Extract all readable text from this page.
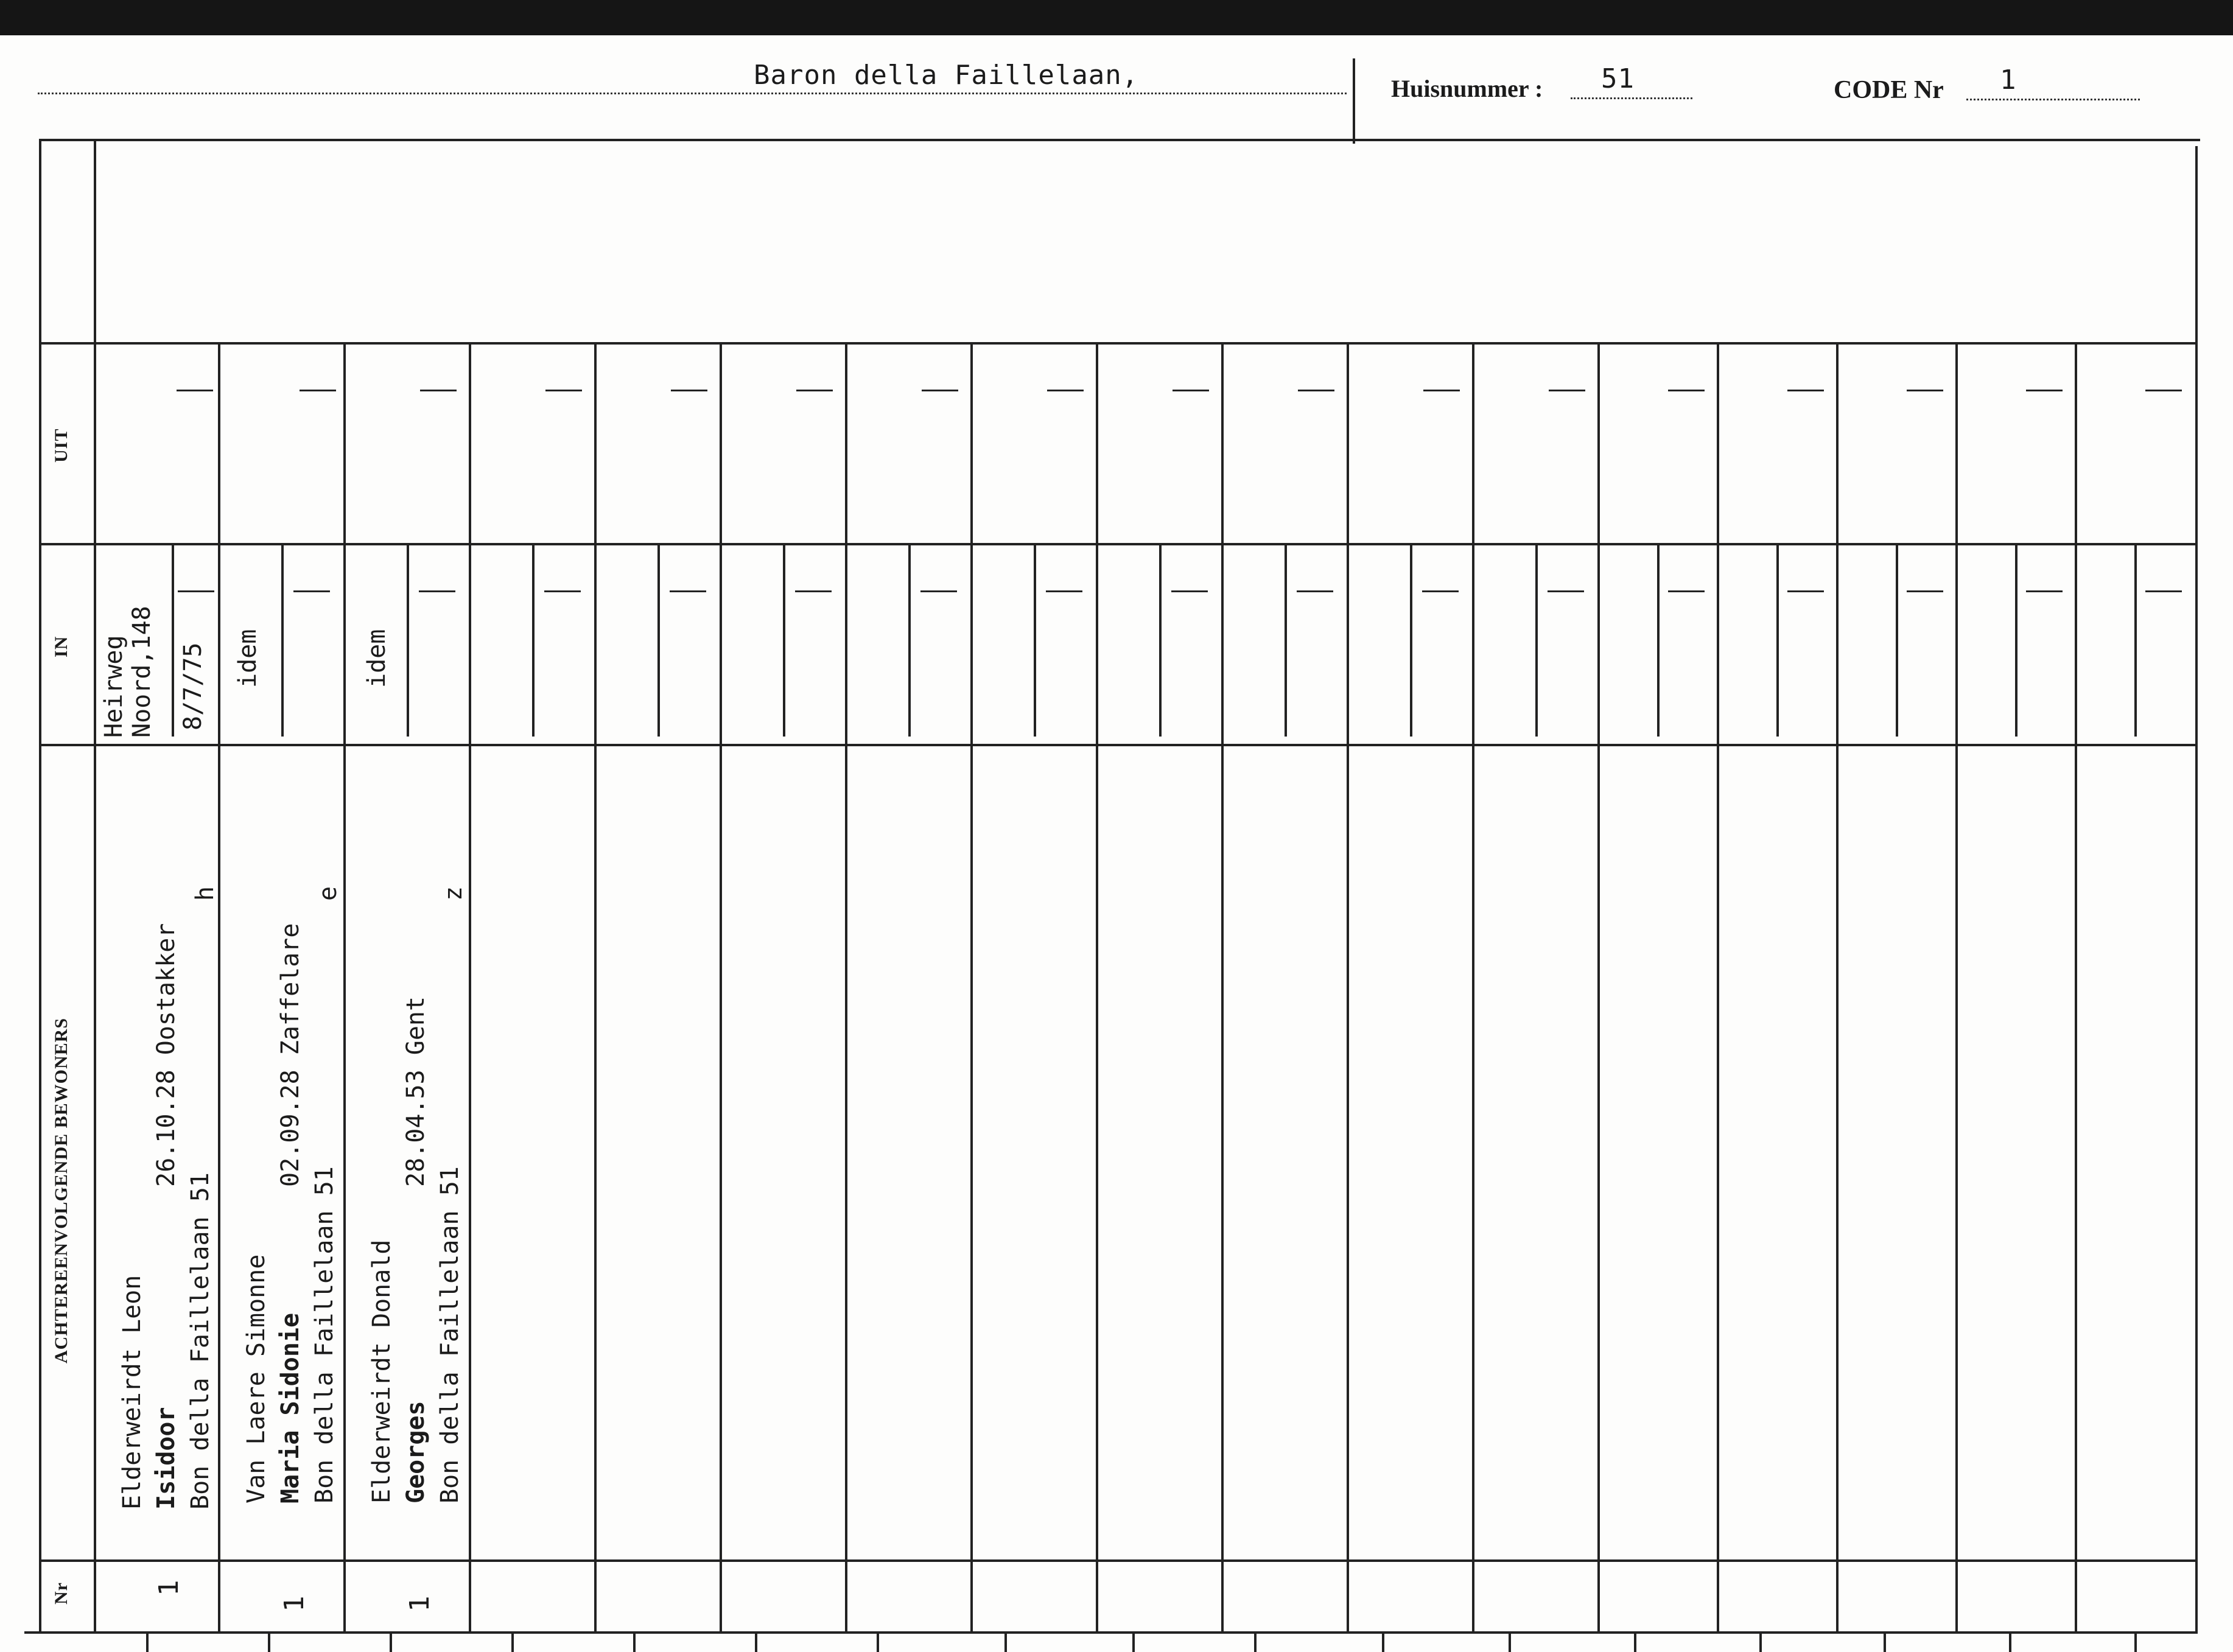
Baron della Faillelaan,	Huisnummer : 51	CODE Nr 1
Nr
ACHTEREENVOLGENDE BEWONERS
IN
UIT
1
Elderweirdt Leon Isidoor
26.10.28 Oostakker
Bon della Faillelaan 51
h
Heirweg Noord,148 8/7/75
1
Van Laere Simonne Maria Sidonie
02.09.28 Zaffelare
Bon della Faillelaan 51
e
idem
1
Elderweirdt Donald Georges
28.04.53 Gent
Bon della Faillelaan 51
z
idem
